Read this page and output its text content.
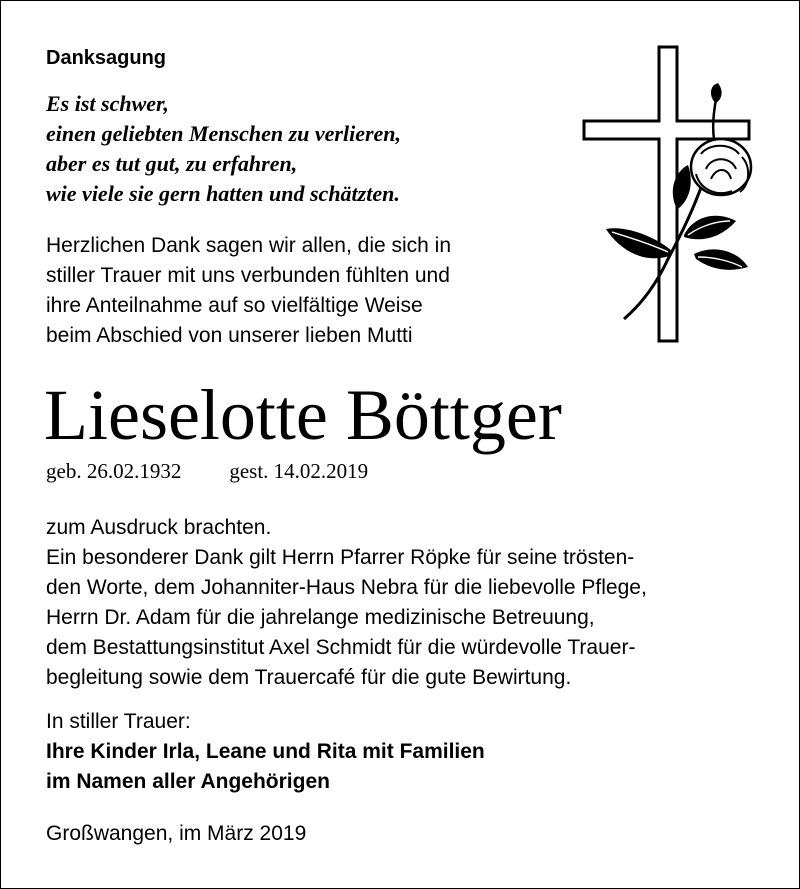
Danksagung
Es ist schwer,
einen geliebten Menschen zu verlieren,
aber es tut gut, zu erfahren,
wie viele sie gern hatten und schätzten.
Herzlichen Dank sagen wir allen, die sich in
stiller Trauer mit uns verbunden fühlten und
ihre Anteilnahme auf so vielfältige Weise
beim Abschied von unserer lieben Mutti
Lieselotte Böttger
geb. 26.02.1932 gest. 14.02.2019
zum Ausdruck brachten.
Ein besonderer Dank gilt Herrn Pfarrer Röpke für seine trösten-
den Worte, dem Johanniter-Haus Nebra für die liebevolle Pflege,
Herrn Dr. Adam für die jahrelange medizinische Betreuung,
dem Bestattungsinstitut Axel Schmidt für die würdevolle Trauer-
begleitung sowie dem Trauercafé für die gute Bewirtung.
In stiller Trauer:
Ihre Kinder Irla, Leane und Rita mit Familien
im Namen aller Angehörigen
Großwangen, im März 2019
